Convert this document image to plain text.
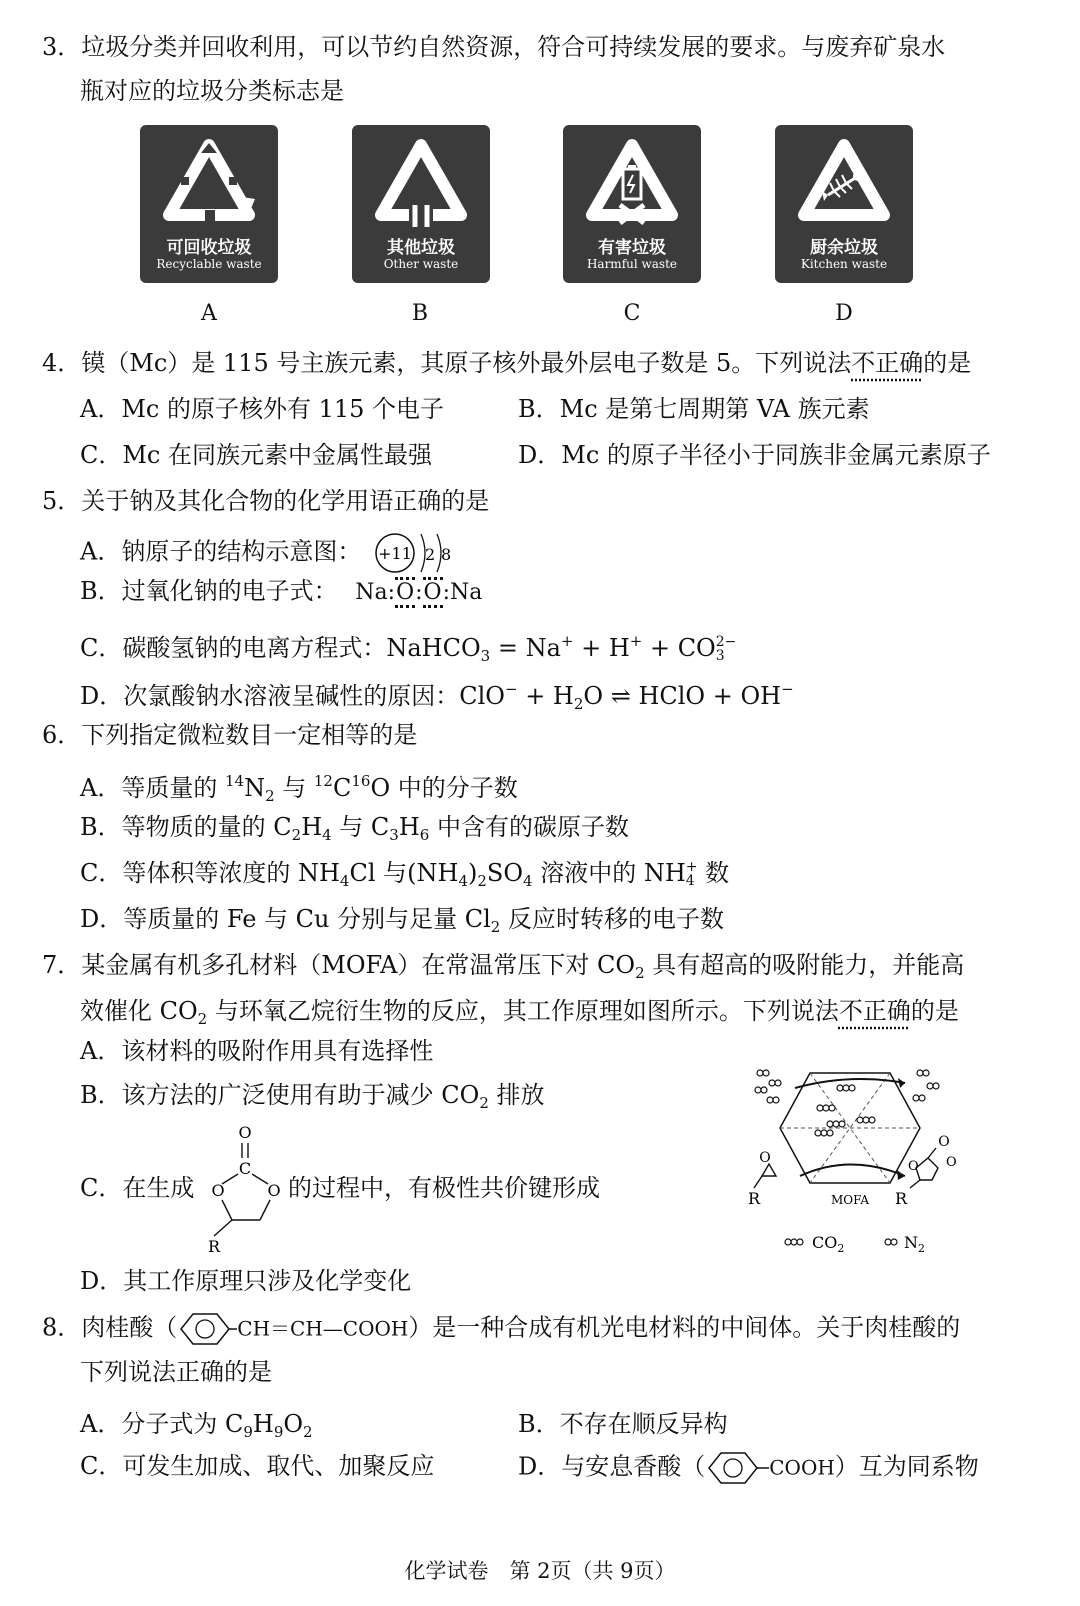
3．垃圾分类并回收利用，可以节约自然资源，符合可持续发展的要求。与废弃矿泉水
瓶对应的垃圾分类标志是
可回收垃圾
Recyclable waste
A
其他垃圾
Other waste
B
有害垃圾
Harmful waste
C
厨余垃圾
Kitchen waste
D
4．镆（Mc）是 115 号主族元素，其原子核外最外层电子数是 5。下列说法不正确的是
A．Mc 的原子核外有 115 个电子	B．Mc 是第七周期第 VA 族元素
C．Mc 在同族元素中金属性最强	D．Mc 的原子半径小于同族非金属元素原子
5．关于钠及其化合物的化学用语正确的是
A．钠原子的结构示意图： +11 2 8
B．过氧化钠的电子式： Na:O:O:Na
C．碳酸氢钠的电离方程式：NaHCO$_3$ = Na+ + H+ + CO 2−
3
D．次氯酸钠水溶液呈碱性的原因：$ClO^- + H_2O$ ⇌ HClO + OH−
6．下列指定微粒数目一定相等的是
A．等质量的 $^{14}N_2$ 与 $^{12}C^{16}O$ 中的分子数
B．等物质的量的 $C_2H_4$ 与 $C_3H_6$ 中含有的碳原子数
C．等体积等浓度的 $NH_4Cl$ 与$(NH_4)_2SO_4$ 溶液中的 NH +
4 数
D．等质量的 Fe 与 Cu 分别与足量 $Cl_2$ 反应时转移的电子数
7．某金属有机多孔材料（MOFA）在常温常压下对 $CO_2$ 具有超高的吸附能力，并能高
效催化 $CO_2$ 与环氧乙烷衍生物的反应，其工作原理如图所示。下列说法不正确的是
A．该材料的吸附作用具有选择性
B．该方法的广泛使用有助于减少 $CO_2$ 排放
C．在生成
O
C
O	O
R
的过程中，有极性共价键形成
O
O
O
O
R	R
MOFA
$CO_2$	$N_2$
D．其工作原理只涉及化学变化
8．肉桂酸（	CH＝CH—COOH）是一种合成有机光电材料的中间体。关于肉桂酸的
下列说法正确的是
A．分子式为 $C_9H_9O_2$	B．不存在顺反异构
C．可发生加成、取代、加聚反应	D．与安息香酸（	COOH）互为同系物
化学试卷　第 2页（共 9页）
